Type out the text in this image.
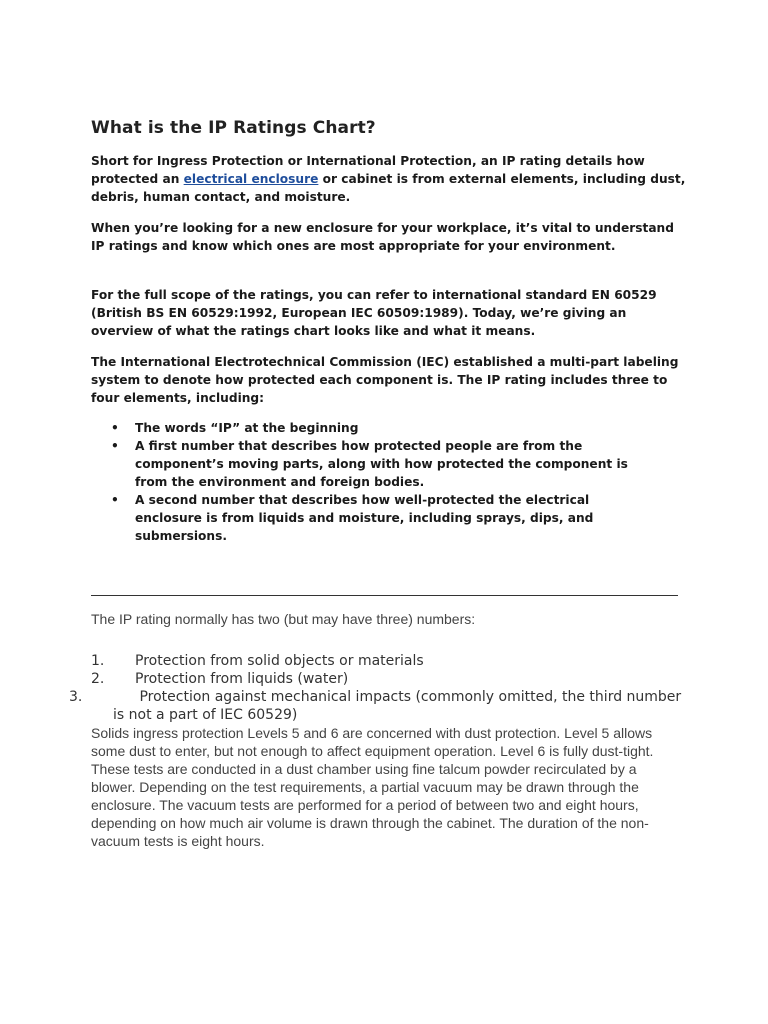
What is the IP Ratings Chart?

Short for Ingress Protection or International Protection, an IP rating details how protected an electrical enclosure or cabinet is from external elements, including dust, debris, human contact, and moisture.

When you’re looking for a new enclosure for your workplace, it’s vital to understand IP ratings and know which ones are most appropriate for your environment.

For the full scope of the ratings, you can refer to international standard EN 60529 (British BS EN 60529:1992, European IEC 60509:1989). Today, we’re giving an overview of what the ratings chart looks like and what it means.

The International Electrotechnical Commission (IEC) established a multi-part labeling system to denote how protected each component is. The IP rating includes three to four elements, including:

• The words “IP” at the beginning
• A first number that describes how protected people are from the component’s moving parts, along with how protected the component is from the environment and foreign bodies.
• A second number that describes how well-protected the electrical enclosure is from liquids and moisture, including sprays, dips, and submersions.

The IP rating normally has two (but may have three) numbers:

1.	Protection from solid objects or materials
2.	Protection from liquids (water)
3.	Protection against mechanical impacts (commonly omitted, the third number is not a part of IEC 60529)

Solids ingress protection Levels 5 and 6 are concerned with dust protection. Level 5 allows some dust to enter, but not enough to affect equipment operation. Level 6 is fully dust-tight. These tests are conducted in a dust chamber using fine talcum powder recirculated by a blower. Depending on the test requirements, a partial vacuum may be drawn through the enclosure. The vacuum tests are performed for a period of between two and eight hours, depending on how much air volume is drawn through the cabinet. The duration of the non-vacuum tests is eight hours.
